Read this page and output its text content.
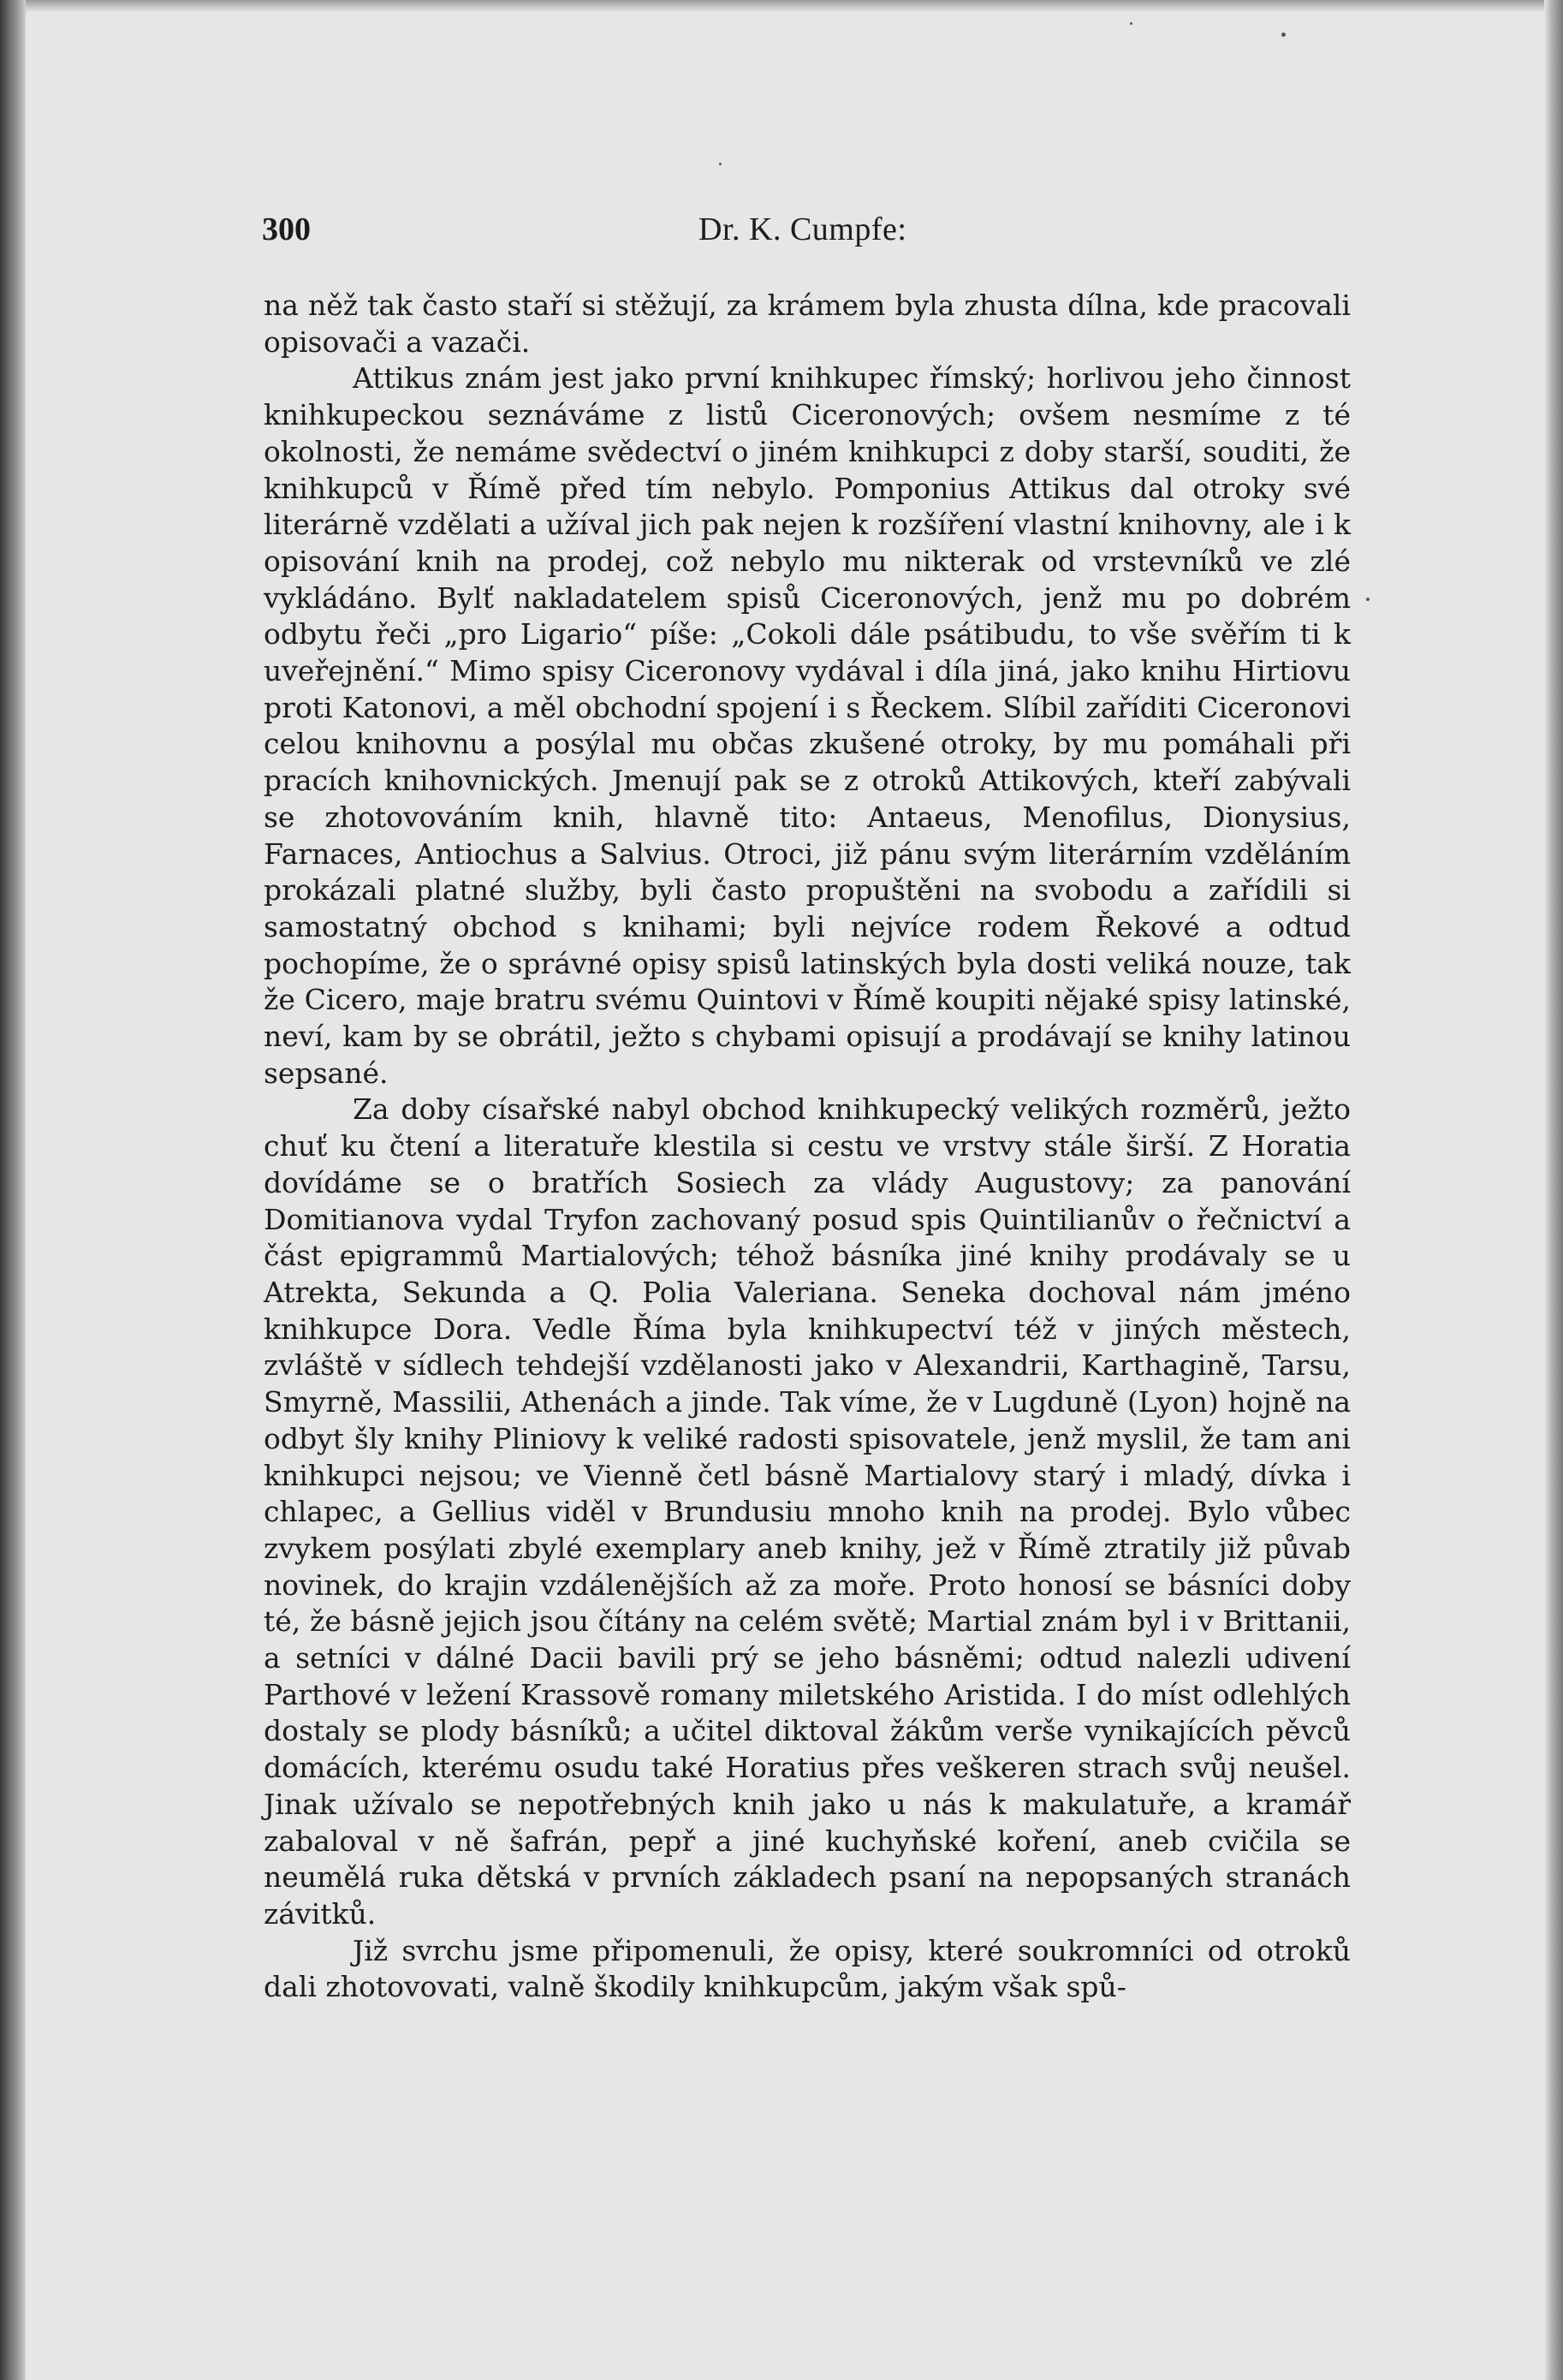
300	Dr. K. Cumpfe:

na něž tak často staří si stěžují, za krámem byla zhusta dílna, kde pracovali opisovači a vazači.

Attikus znám jest jako první knihkupec římský; horlivou jeho činnost knihkupeckou seznáváme z listů Ciceronových; ovšem nesmíme z té okolnosti, že nemáme svědectví o jiném knihkupci z doby starší, souditi, že knihkupců v Římě před tím nebylo. Pomponius Attikus dal otroky své literárně vzdělati a užíval jich pak nejen k rozšíření vlastní knihovny, ale i k opisování knih na prodej, což nebylo mu nikterak od vrstevníků ve zlé vykládáno. Bylť nakladatelem spisů Ciceronových, jenž mu po dobrém odbytu řeči „pro Ligario“ píše: „Cokoli dále psátibudu, to vše svěřím ti k uveřejnění.“ Mimo spisy Ciceronovy vydával i díla jiná, jako knihu Hirtiovu proti Katonovi, a měl obchodní spojení i s Řeckem. Slíbil zaříditi Ciceronovi celou knihovnu a posýlal mu občas zkušené otroky, by mu pomáhali při pracích knihovnických. Jmenují pak se z otroků Attikových, kteří zabývali se zhotovováním knih, hlavně tito: Antaeus, Menofilus, Dionysius, Farnaces, Antiochus a Salvius. Otroci, již pánu svým literárním vzděláním prokázali platné služby, byli často propuštěni na svobodu a zařídili si samostatný obchod s knihami; byli nejvíce rodem Řekové a odtud pochopíme, že o správné opisy spisů latinských byla dosti veliká nouze, tak že Cicero, maje bratru svému Quintovi v Římě koupiti nějaké spisy latinské, neví, kam by se obrátil, ježto s chybami opisují a prodávají se knihy latinou sepsané.

Za doby císařské nabyl obchod knihkupecký velikých rozměrů, ježto chuť ku čtení a literatuře klestila si cestu ve vrstvy stále širší. Z Horatia dovídáme se o bratřích Sosiech za vlády Augustovy; za panování Domitianova vydal Tryfon zachovaný posud spis Quintilianův o řečnictví a část epigrammů Martialových; téhož básníka jiné knihy prodávaly se u Atrekta, Sekunda a Q. Polia Valeriana. Seneka dochoval nám jméno knihkupce Dora. Vedle Říma byla knihkupectví též v jiných městech, zvláště v sídlech tehdejší vzdělanosti jako v Alexandrii, Karthagině, Tarsu, Smyrně, Massilii, Athenách a jinde. Tak víme, že v Lugduně (Lyon) hojně na odbyt šly knihy Pliniovy k veliké radosti spisovatele, jenž myslil, že tam ani knihkupci nejsou; ve Vienně četl básně Martialovy starý i mladý, dívka i chlapec, a Gellius viděl v Brundusiu mnoho knih na prodej. Bylo vůbec zvykem posýlati zbylé exemplary aneb knihy, jež v Římě ztratily již půvab novinek, do krajin vzdálenějších až za moře. Proto honosí se básníci doby té, že básně jejich jsou čítány na celém světě; Martial znám byl i v Brittanii, a setníci v dálné Dacii bavili prý se jeho básněmi; odtud nalezli udivení Parthové v ležení Krassově romany miletského Aristida. I do míst odlehlých dostaly se plody básníků; a učitel diktoval žákům verše vynikajících pěvců domácích, kterému osudu také Horatius přes veškeren strach svůj neušel. Jinak užívalo se nepotřebných knih jako u nás k makulatuře, a kramář zabaloval v ně šafrán, pepř a jiné kuchyňské koření, aneb cvičila se neumělá ruka dětská v prvních základech psaní na nepopsaných stranách závitků.

Již svrchu jsme připomenuli, že opisy, které soukromníci od otroků dali zhotovovati, valně škodily knihkupcům, jakým však spů-
